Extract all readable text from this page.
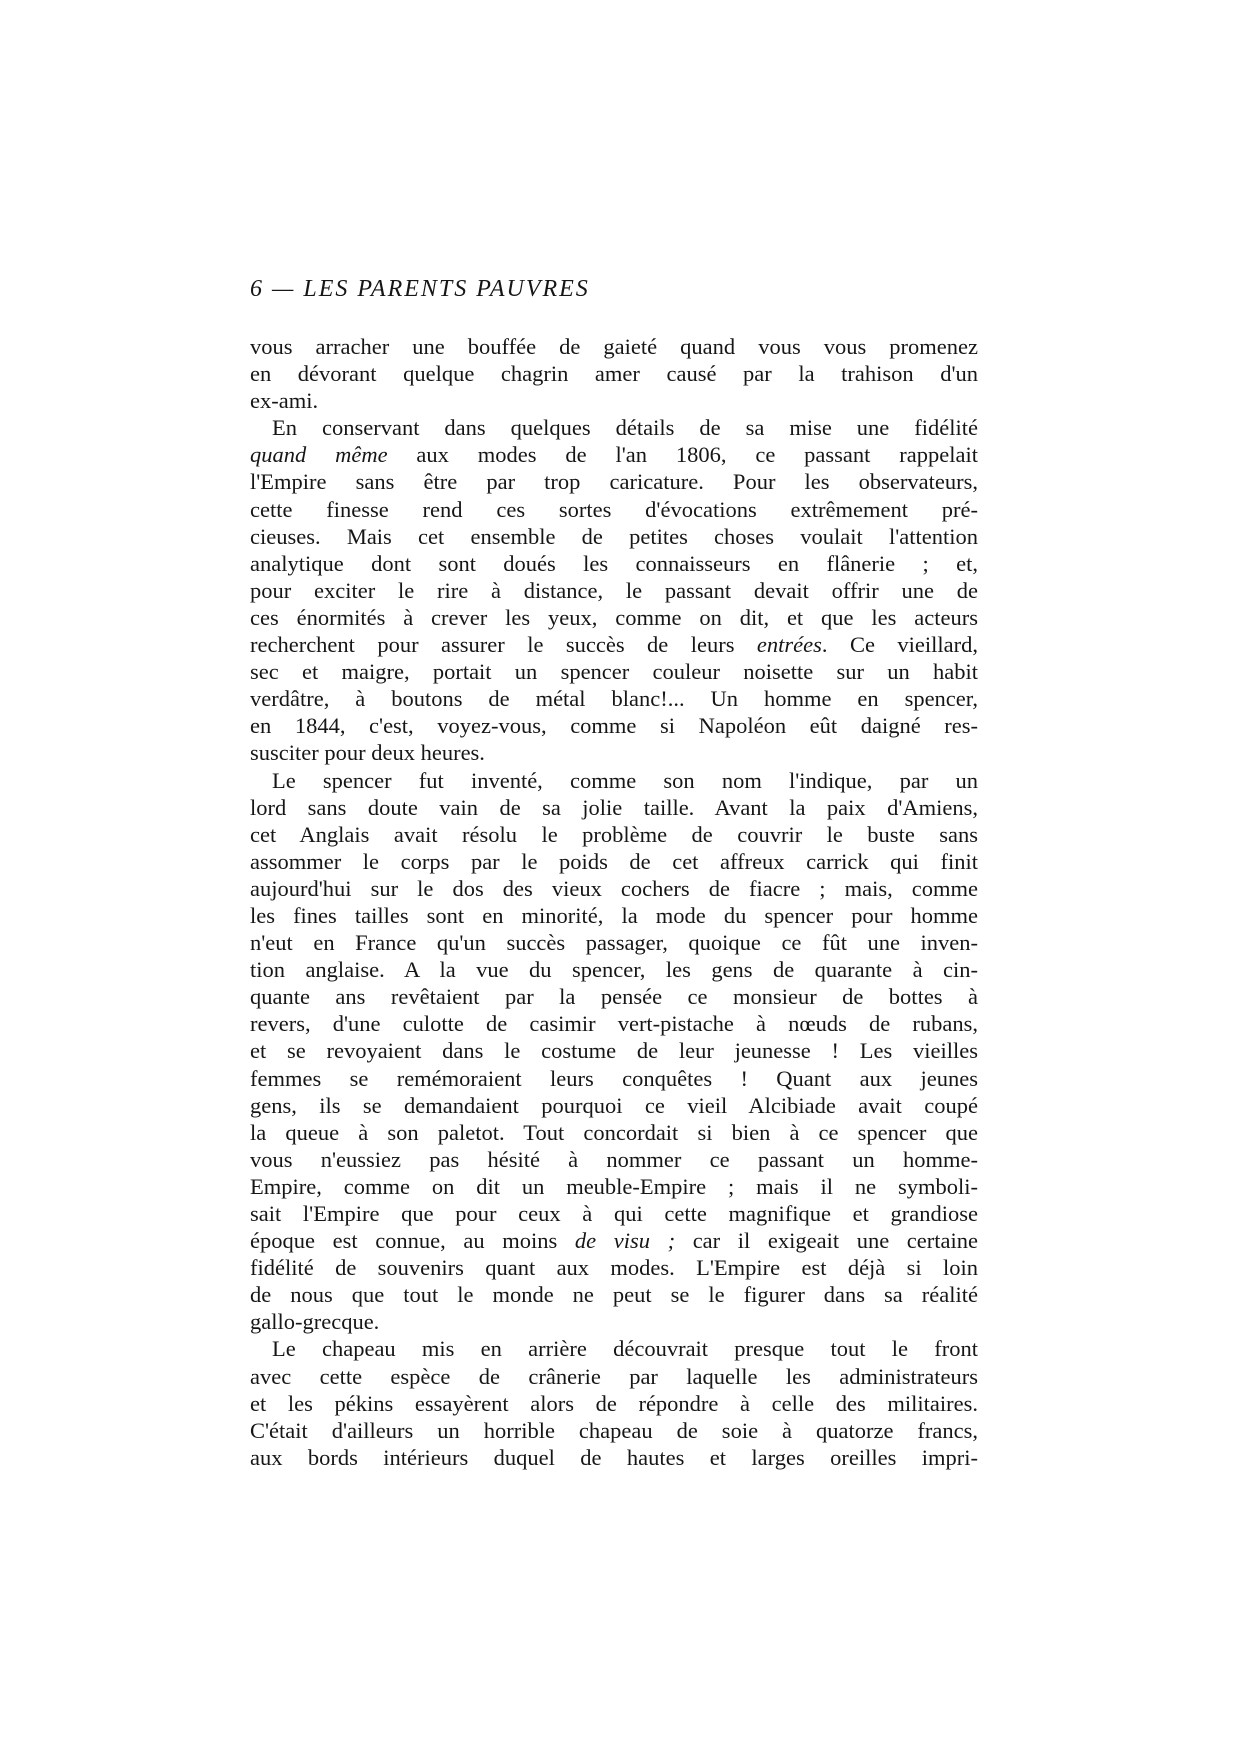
6 — LES PARENTS PAUVRES
vous arracher une bouffée de gaieté quand vous vous promenez
en dévorant quelque chagrin amer causé par la trahison d'un
ex-ami.
En conservant dans quelques détails de sa mise une fidélité
quand même aux modes de l'an 1806, ce passant rappelait
l'Empire sans être par trop caricature. Pour les observateurs,
cette finesse rend ces sortes d'évocations extrêmement pré-
cieuses. Mais cet ensemble de petites choses voulait l'attention
analytique dont sont doués les connaisseurs en flânerie ; et,
pour exciter le rire à distance, le passant devait offrir une de
ces énormités à crever les yeux, comme on dit, et que les acteurs
recherchent pour assurer le succès de leurs entrées. Ce vieillard,
sec et maigre, portait un spencer couleur noisette sur un habit
verdâtre, à boutons de métal blanc!... Un homme en spencer,
en 1844, c'est, voyez-vous, comme si Napoléon eût daigné res-
susciter pour deux heures.
Le spencer fut inventé, comme son nom l'indique, par un
lord sans doute vain de sa jolie taille. Avant la paix d'Amiens,
cet Anglais avait résolu le problème de couvrir le buste sans
assommer le corps par le poids de cet affreux carrick qui finit
aujourd'hui sur le dos des vieux cochers de fiacre ; mais, comme
les fines tailles sont en minorité, la mode du spencer pour homme
n'eut en France qu'un succès passager, quoique ce fût une inven-
tion anglaise. A la vue du spencer, les gens de quarante à cin-
quante ans revêtaient par la pensée ce monsieur de bottes à
revers, d'une culotte de casimir vert-pistache à nœuds de rubans,
et se revoyaient dans le costume de leur jeunesse ! Les vieilles
femmes se remémoraient leurs conquêtes ! Quant aux jeunes
gens, ils se demandaient pourquoi ce vieil Alcibiade avait coupé
la queue à son paletot. Tout concordait si bien à ce spencer que
vous n'eussiez pas hésité à nommer ce passant un homme-
Empire, comme on dit un meuble-Empire ; mais il ne symboli-
sait l'Empire que pour ceux à qui cette magnifique et grandiose
époque est connue, au moins de visu ; car il exigeait une certaine
fidélité de souvenirs quant aux modes. L'Empire est déjà si loin
de nous que tout le monde ne peut se le figurer dans sa réalité
gallo-grecque.
Le chapeau mis en arrière découvrait presque tout le front
avec cette espèce de crânerie par laquelle les administrateurs
et les pékins essayèrent alors de répondre à celle des militaires.
C'était d'ailleurs un horrible chapeau de soie à quatorze francs,
aux bords intérieurs duquel de hautes et larges oreilles impri-
